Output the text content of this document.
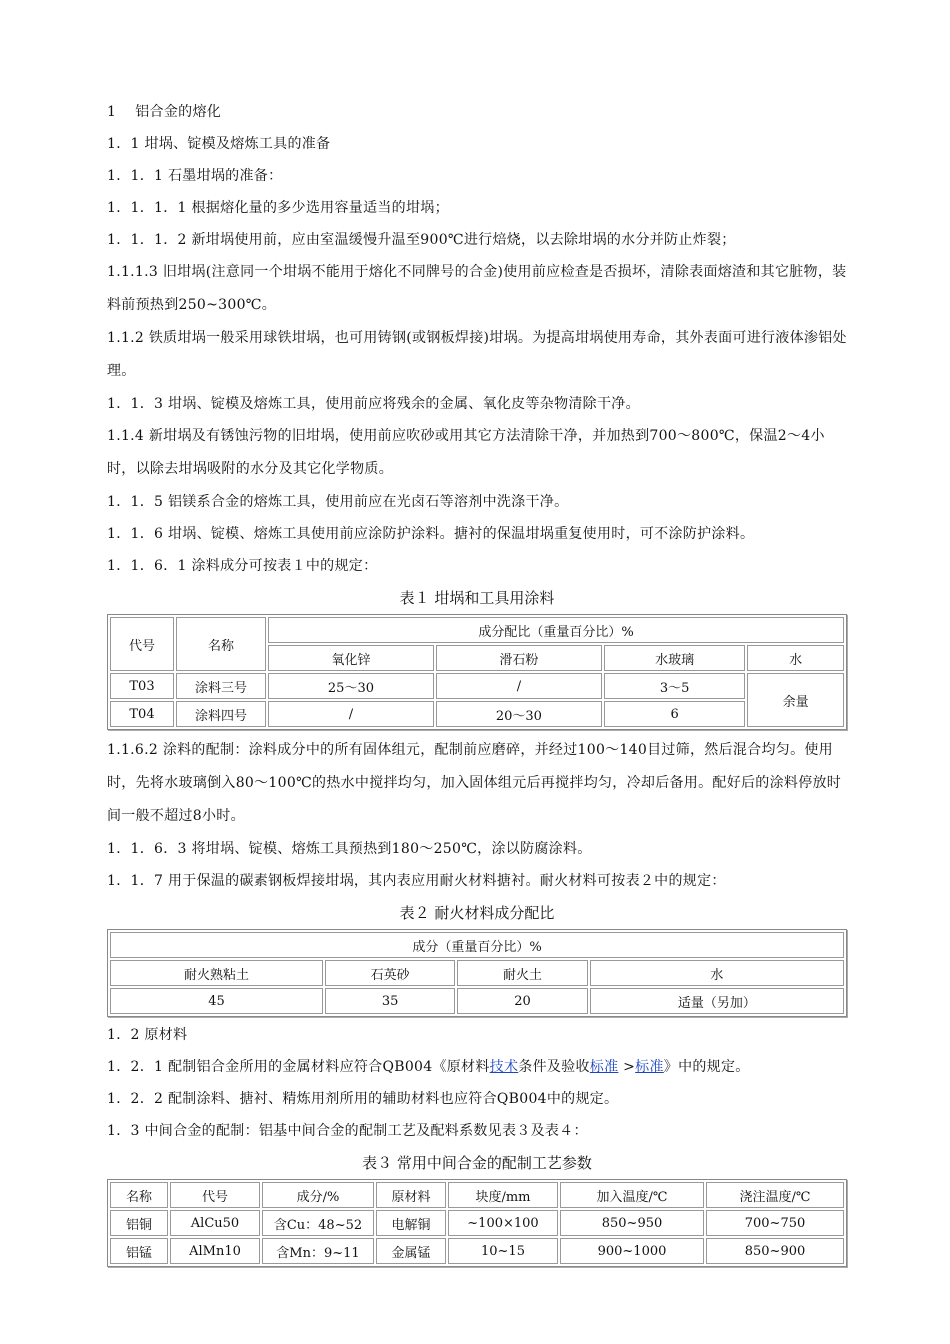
1　 铝合金的熔化
1．1 坩埚、锭模及熔炼工具的准备
1．1．1 石墨坩埚的准备：
1．1．1．1 根据熔化量的多少选用容量适当的坩埚；
1．1．1．2 新坩埚使用前，应由室温缓慢升温至900℃进行焙烧，以去除坩埚的水分并防止炸裂；
1.1.1.3 旧坩埚(注意同一个坩埚不能用于熔化不同牌号的合金)使用前应检查是否损坏，清除表面熔渣和其它脏物，装料前预热到250~300℃。
1.1.2 铁质坩埚一般采用球铁坩埚，也可用铸钢(或钢板焊接)坩埚。为提高坩埚使用寿命，其外表面可进行液体渗铝处理。
1．1．3 坩埚、锭模及熔炼工具，使用前应将残余的金属、氧化皮等杂物清除干净。
1.1.4 新坩埚及有锈蚀污物的旧坩埚，使用前应吹砂或用其它方法清除干净，并加热到700～800℃，保温2～4小时，以除去坩埚吸附的水分及其它化学物质。
1．1．5 铝镁系合金的熔炼工具，使用前应在光卤石等溶剂中洗涤干净。
1．1．6 坩埚、锭模、熔炼工具使用前应涂防护涂料。搪衬的保温坩埚重复使用时，可不涂防护涂料。
1．1．6．1 涂料成分可按表１中的规定：
表１ 坩埚和工具用涂料
代号	名称	成分配比（重量百分比）%			
		氧化锌	滑石粉	水玻璃	水
T03	涂料三号	25～30	/	3～5	余量
T04	涂料四号	/	20～30	6	
1.1.6.2 涂料的配制：涂料成分中的所有固体组元，配制前应磨碎，并经过100～140目过筛，然后混合均匀。使用时，先将水玻璃倒入80～100℃的热水中搅拌均匀，加入固体组元后再搅拌均匀，冷却后备用。配好后的涂料停放时间一般不超过8小时。
1．1．6．3 将坩埚、锭模、熔炼工具预热到180～250℃，涂以防腐涂料。
1．1．7 用于保温的碳素钢板焊接坩埚，其内表应用耐火材料搪衬。耐火材料可按表２中的规定：
表２ 耐火材料成分配比
成分（重量百分比）%			
耐火熟粘土	石英砂	耐火土	水
45	35	20	适量（另加）
1．2 原材料
1．2．1 配制铝合金所用的金属材料应符合QB004《原材料技术条件及验收标准 >标准》中的规定。
1．2．2 配制涂料、搪衬、精炼用剂所用的辅助材料也应符合QB004中的规定。
1．3 中间合金的配制：铝基中间合金的配制工艺及配料系数见表３及表４：
表３ 常用中间合金的配制工艺参数
名称	代号	成分/%	原材料	块度/mm	加入温度/℃	浇注温度/℃
铝铜	AlCu50	含Cu：48~52	电解铜	~100×100	850~950	700~750
铝锰	AlMn10	含Mn：9~11	金属锰	10~15	900~1000	850~900
